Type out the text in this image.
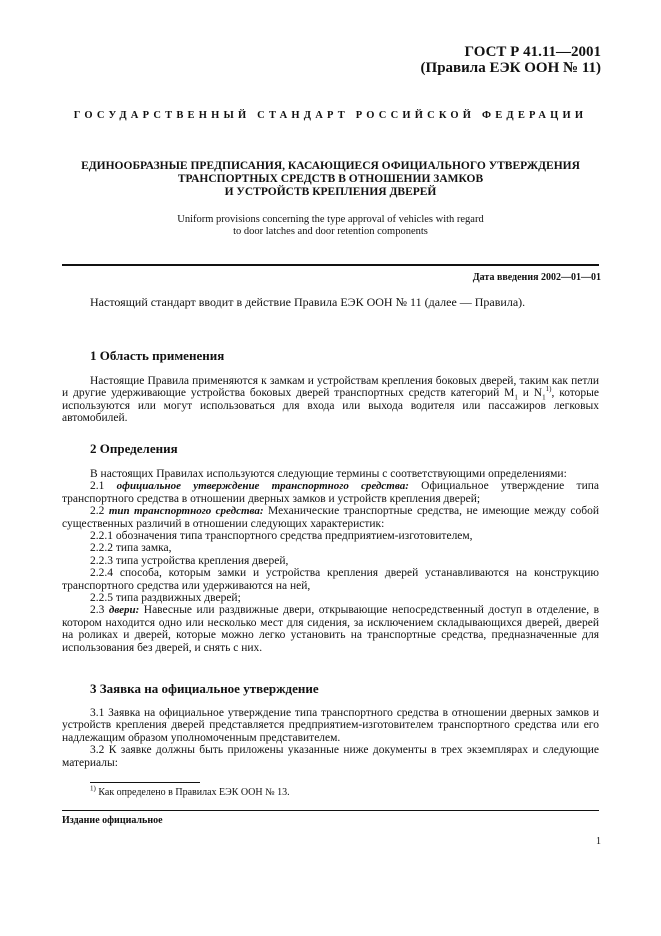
ГОСТ Р 41.11—2001
(Правила ЕЭК ООН № 11)
ГОСУДАРСТВЕННЫЙ СТАНДАРТ РОССИЙСКОЙ ФЕДЕРАЦИИ
ЕДИНООБРАЗНЫЕ ПРЕДПИСАНИЯ, КАСАЮЩИЕСЯ ОФИЦИАЛЬНОГО УТВЕРЖДЕНИЯ
ТРАНСПОРТНЫХ СРЕДСТВ В ОТНОШЕНИИ ЗАМКОВ
И УСТРОЙСТВ КРЕПЛЕНИЯ ДВЕРЕЙ
Uniform provisions concerning the type approval of vehicles with regard
to door latches and door retention components
Дата введения 2002—01—01
Настоящий стандарт вводит в действие Правила ЕЭК ООН № 11 (далее — Правила).
1 Область применения

Настоящие Правила применяются к замкам и устройствам крепления боковых дверей, таким как петли и другие удерживающие устройства боковых дверей транспортных средств категорий $M_1$ и $N_1^{1)}$, которые используются или могут использоваться для входа или выхода водителя или пассажиров легковых автомобилей.

2 Определения

В настоящих Правилах используются следующие термины с соответствующими определениями:

2.1 официальное утверждение транспортного средства: Официальное утверждение типа транспортного средства в отношении дверных замков и устройств крепления дверей;

2.2 тип транспортного средства: Механические транспортные средства, не имеющие между собой существенных различий в отношении следующих характеристик:

2.2.1 обозначения типа транспортного средства предприятием-изготовителем,

2.2.2 типа замка,

2.2.3 типа устройства крепления дверей,

2.2.4 способа, которым замки и устройства крепления дверей устанавливаются на конструкцию транспортного средства или удерживаются на ней,

2.2.5 типа раздвижных дверей;

2.3 двери: Навесные или раздвижные двери, открывающие непосредственный доступ в отделение, в котором находится одно или несколько мест для сидения, за исключением складывающихся дверей, дверей на роликах и дверей, которые можно легко установить на транспортные средства, предназначенные для использования без дверей, и снять с них.

3 Заявка на официальное утверждение

3.1 Заявка на официальное утверждение типа транспортного средства в отношении дверных замков и устройств крепления дверей представляется предприятием-изготовителем транспортного средства или его надлежащим образом уполномоченным представителем.

3.2 К заявке должны быть приложены указанные ниже документы в трех экземплярах и следующие материалы:

$^{1)}$ Как определено в Правилах ЕЭК ООН № 13.
Издание официальное
1
